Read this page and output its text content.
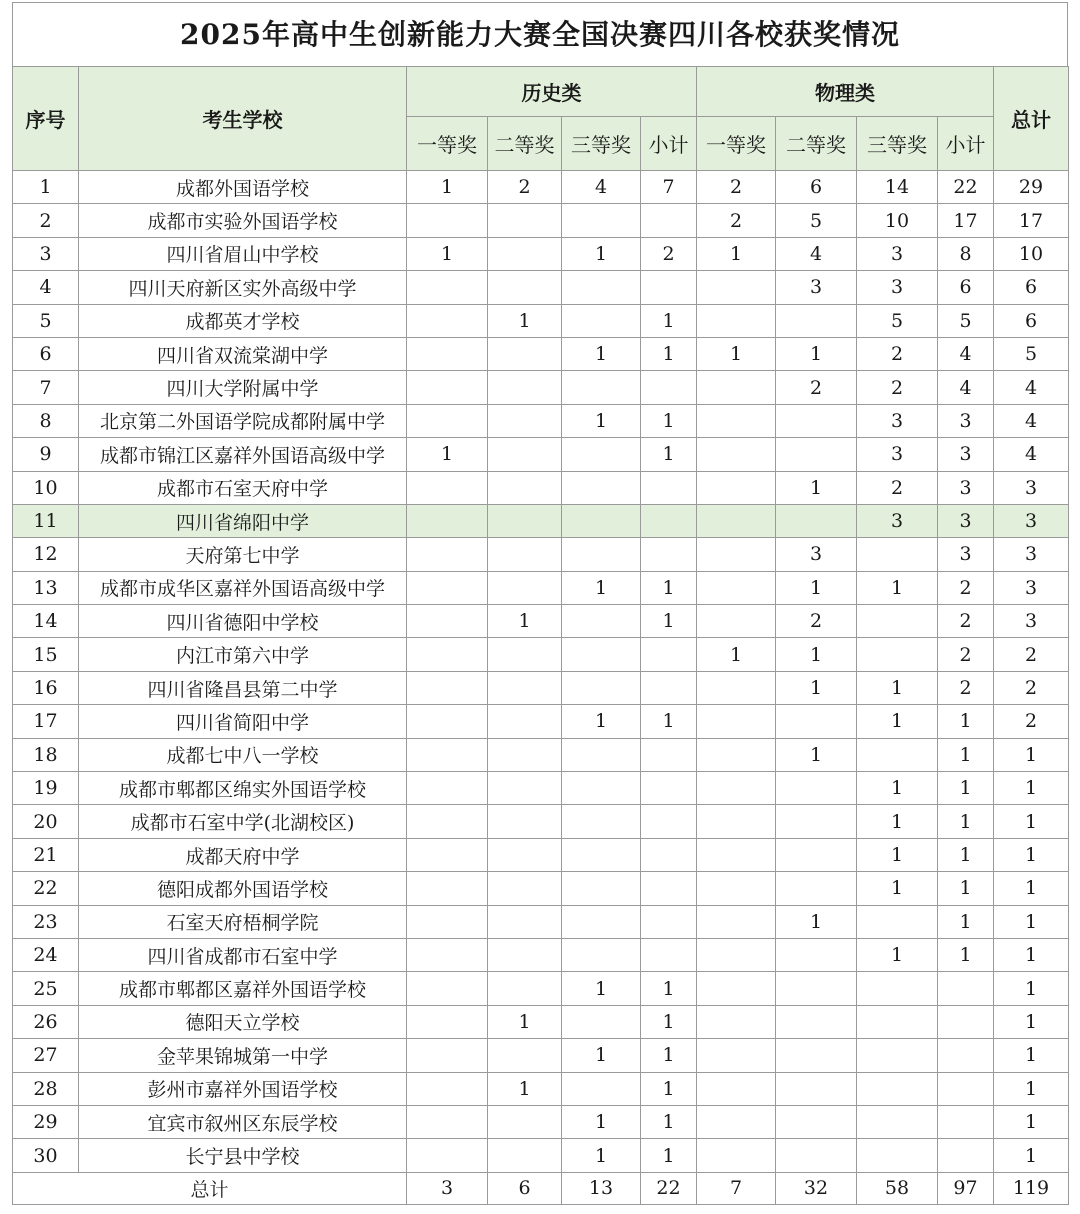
2025年高中生创新能力大赛全国决赛四川各校获奖情况
序号	考生学校	历史类				物理类				总计
		一等奖	二等奖	三等奖	小计	一等奖	二等奖	三等奖	小计	
1	成都外国语学校	1	2	4	7	2	6	14	22	29
2	成都市实验外国语学校					2	5	10	17	17
3	四川省眉山中学校	1		1	2	1	4	3	8	10
4	四川天府新区实外高级中学						3	3	6	6
5	成都英才学校		1		1			5	5	6
6	四川省双流棠湖中学			1	1	1	1	2	4	5
7	四川大学附属中学						2	2	4	4
8	北京第二外国语学院成都附属中学			1	1			3	3	4
9	成都市锦江区嘉祥外国语高级中学	1			1			3	3	4
10	成都市石室天府中学						1	2	3	3
11	四川省绵阳中学							3	3	3
12	天府第七中学						3		3	3
13	成都市成华区嘉祥外国语高级中学			1	1		1	1	2	3
14	四川省德阳中学校		1		1		2		2	3
15	内江市第六中学					1	1		2	2
16	四川省隆昌县第二中学						1	1	2	2
17	四川省简阳中学			1	1			1	1	2
18	成都七中八一学校						1		1	1
19	成都市郫都区绵实外国语学校							1	1	1
20	成都市石室中学(北湖校区)							1	1	1
21	成都天府中学							1	1	1
22	德阳成都外国语学校							1	1	1
23	石室天府梧桐学院						1		1	1
24	四川省成都市石室中学							1	1	1
25	成都市郫都区嘉祥外国语学校			1	1					1
26	德阳天立学校		1		1					1
27	金苹果锦城第一中学			1	1					1
28	彭州市嘉祥外国语学校		1		1					1
29	宜宾市叙州区东辰学校			1	1					1
30	长宁县中学校			1	1					1
总计		3	6	13	22	7	32	58	97	119
